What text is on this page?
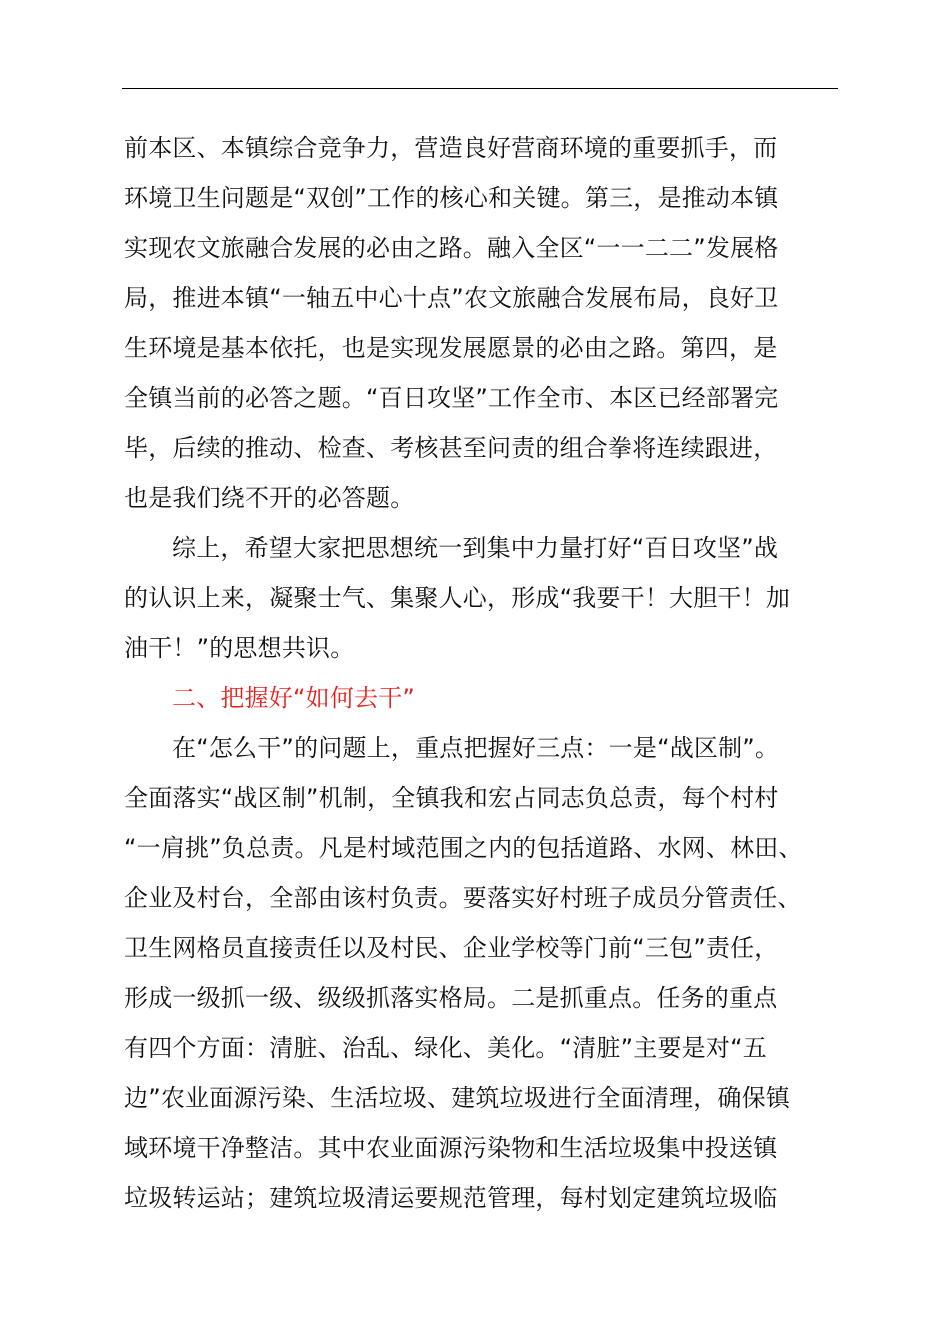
前本区、本镇综合竞争力，营造良好营商环境的重要抓手，而
环境卫生问题是“双创”工作的核心和关键。第三，是推动本镇
实现农文旅融合发展的必由之路。融入全区“一一二二”发展格
局，推进本镇“一轴五中心十点”农文旅融合发展布局，良好卫
生环境是基本依托，也是实现发展愿景的必由之路。第四，是
全镇当前的必答之题。“百日攻坚”工作全市、本区已经部署完
毕，后续的推动、检查、考核甚至问责的组合拳将连续跟进，
也是我们绕不开的必答题。
综上，希望大家把思想统一到集中力量打好“百日攻坚”战
的认识上来，凝聚士气、集聚人心，形成“我要干！大胆干！加
油干！”的思想共识。
二、把握好“如何去干”
在“怎么干”的问题上，重点把握好三点：一是“战区制”。
全面落实“战区制”机制，全镇我和宏占同志负总责，每个村村
“一肩挑”负总责。凡是村域范围之内的包括道路、水网、林田、
企业及村台，全部由该村负责。要落实好村班子成员分管责任、
卫生网格员直接责任以及村民、企业学校等门前“三包”责任，
形成一级抓一级、级级抓落实格局。二是抓重点。任务的重点
有四个方面：清脏、治乱、绿化、美化。“清脏”主要是对“五
边”农业面源污染、生活垃圾、建筑垃圾进行全面清理，确保镇
域环境干净整洁。其中农业面源污染物和生活垃圾集中投送镇
垃圾转运站；建筑垃圾清运要规范管理，每村划定建筑垃圾临
